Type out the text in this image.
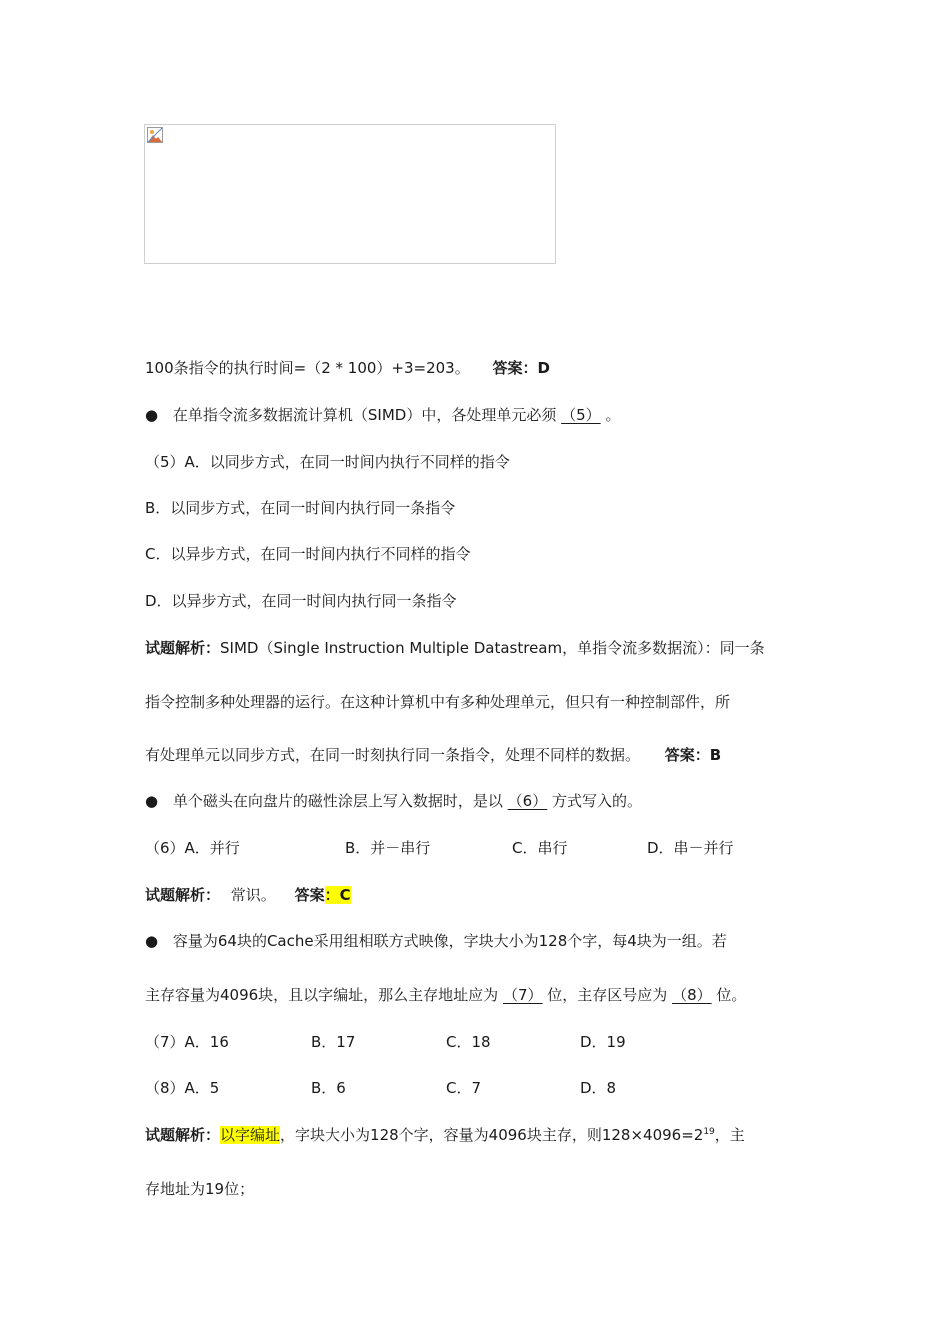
100条指令的执行时间=（2 * 100）+3=203。 答案：D
● 在单指令流多数据流计算机（SIMD）中，各处理单元必须 （5） 。
（5）A．以同步方式，在同一时间内执行不同样的指令
B．以同步方式，在同一时间内执行同一条指令
C．以异步方式，在同一时间内执行不同样的指令
D．以异步方式，在同一时间内执行同一条指令
试题解析：SIMD（Single Instruction Multiple Datastream，单指令流多数据流）：同一条
指令控制多种处理器的运行。在这种计算机中有多种处理单元，但只有一种控制部件，所
有处理单元以同步方式，在同一时刻执行同一条指令，处理不同样的数据。 答案：B
● 单个磁头在向盘片的磁性涂层上写入数据时，是以 （6） 方式写入的。
（6）A．并行	B．并－串行	C．串行	D．串－并行
试题解析： 常识。 答案：C
● 容量为64块的Cache采用组相联方式映像，字块大小为128个字，每4块为一组。若
主存容量为4096块，且以字编址，那么主存地址应为 （7） 位，主存区号应为 （8） 位。
（7）A．16	B．17	C．18	D．19
（8）A．5	B．6	C．7	D．8
试题解析：以字编址，字块大小为128个字，容量为4096块主存，则$128\times 4096=2^{19}$，主
存地址为19位；
